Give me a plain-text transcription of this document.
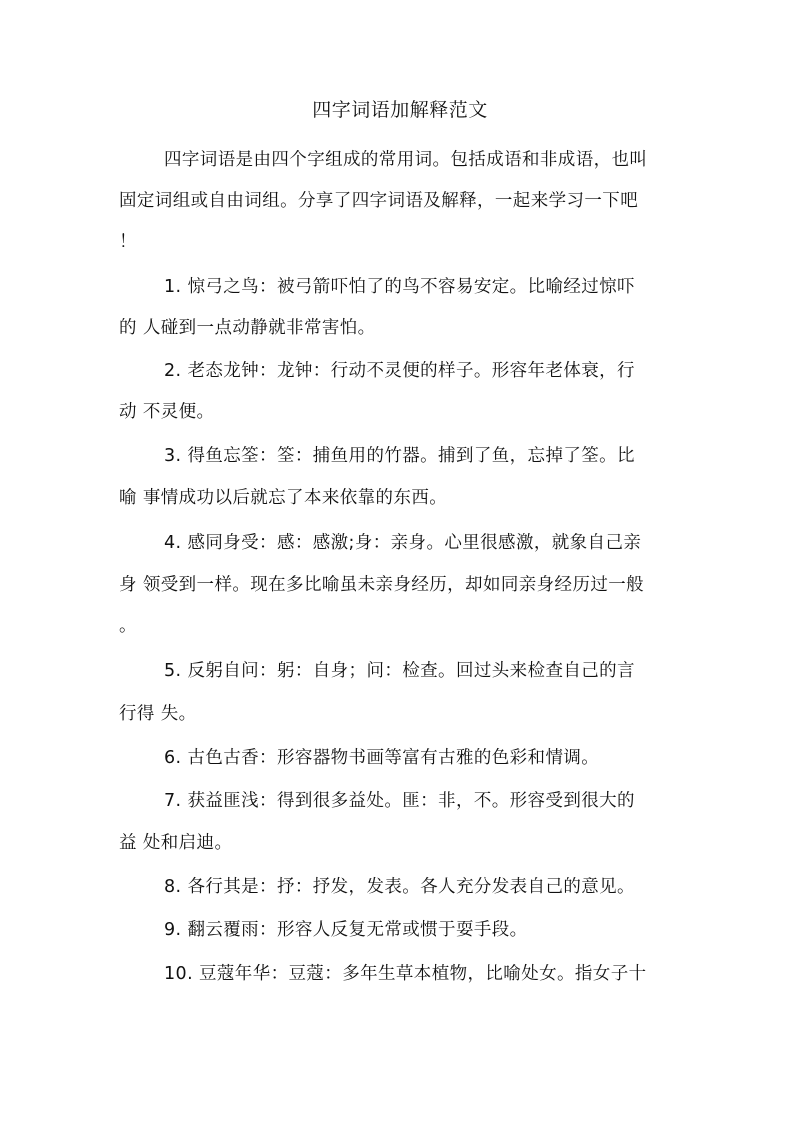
四字词语加解释范文
四字词语是由四个字组成的常用词。包括成语和非成语，也叫
固定词组或自由词组。分享了四字词语及解释，一起来学习一下吧
！
1. 惊弓之鸟：被弓箭吓怕了的鸟不容易安定。比喻经过惊吓
的 人碰到一点动静就非常害怕。
2. 老态龙钟：龙钟：行动不灵便的样子。形容年老体衰，行
动 不灵便。
3. 得鱼忘筌：筌：捕鱼用的竹器。捕到了鱼，忘掉了筌。比
喻 事情成功以后就忘了本来依靠的东西。
4. 感同身受：感：感激;身：亲身。心里很感激，就象自己亲
身 领受到一样。现在多比喻虽未亲身经历，却如同亲身经历过一般
。
5. 反躬自问：躬：自身；问：检查。回过头来检查自己的言
行得 失。
6. 古色古香：形容器物书画等富有古雅的色彩和情调。
7. 获益匪浅：得到很多益处。匪：非，不。形容受到很大的
益 处和启迪。
8. 各行其是：抒：抒发，发表。各人充分发表自己的意见。
9. 翻云覆雨：形容人反复无常或惯于耍手段。
10. 豆蔻年华：豆蔻：多年生草本植物，比喻处女。指女子十
